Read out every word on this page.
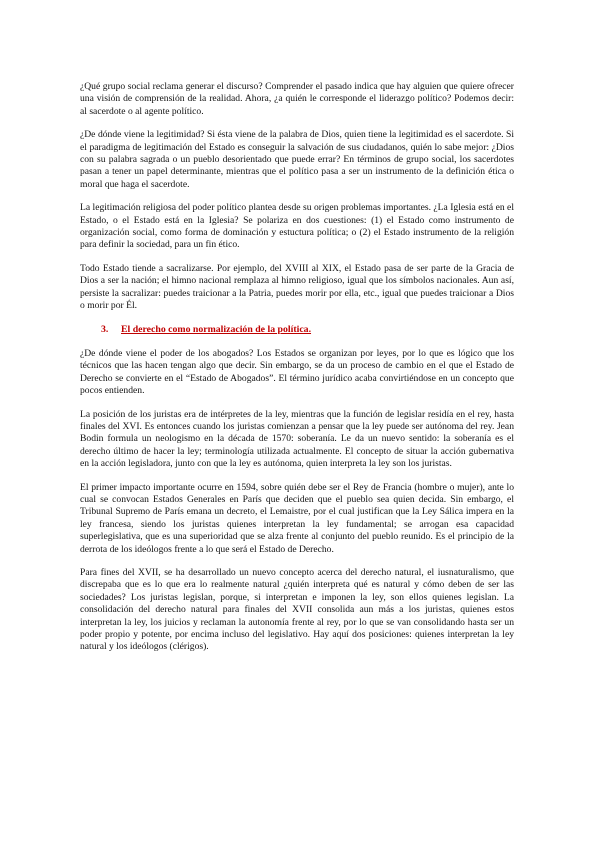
¿Qué grupo social reclama generar el discurso? Comprender el pasado indica que hay alguien que quiere ofrecer una visión de comprensión de la realidad. Ahora, ¿a quién le corresponde el liderazgo político? Podemos decir: al sacerdote o al agente político.

¿De dónde viene la legitimidad? Si ésta viene de la palabra de Dios, quien tiene la legitimidad es el sacerdote. Si el paradigma de legitimación del Estado es conseguir la salvación de sus ciudadanos, quién lo sabe mejor: ¿Dios con su palabra sagrada o un pueblo desorientado que puede errar? En términos de grupo social, los sacerdotes pasan a tener un papel determinante, mientras que el político pasa a ser un instrumento de la definición ética o moral que haga el sacerdote.

La legitimación religiosa del poder político plantea desde su origen problemas importantes. ¿La Iglesia está en el Estado, o el Estado está en la Iglesia? Se polariza en dos cuestiones: (1) el Estado como instrumento de organización social, como forma de dominación y estuctura política; o (2) el Estado instrumento de la religión para definir la sociedad, para un fin ético.

Todo Estado tiende a sacralizarse. Por ejemplo, del XVIII al XIX, el Estado pasa de ser parte de la Gracia de Dios a ser la nación; el himno nacional remplaza al himno religioso, igual que los símbolos nacionales. Aun así, persiste la sacralizar: puedes traicionar a la Patria, puedes morir por ella, etc., igual que puedes traicionar a Dios o morir por Él.

3. El derecho como normalización de la política.

¿De dónde viene el poder de los abogados? Los Estados se organizan por leyes, por lo que es lógico que los técnicos que las hacen tengan algo que decir. Sin embargo, se da un proceso de cambio en el que el Estado de Derecho se convierte en el “Estado de Abogados”. El término jurídico acaba convirtiéndose en un concepto que pocos entienden.

La posición de los juristas era de intérpretes de la ley, mientras que la función de legislar residía en el rey, hasta finales del XVI. Es entonces cuando los juristas comienzan a pensar que la ley puede ser autónoma del rey. Jean Bodin formula un neologismo en la década de 1570: soberanía. Le da un nuevo sentido: la soberanía es el derecho último de hacer la ley; terminología utilizada actualmente. El concepto de situar la acción gubernativa en la acción legisladora, junto con que la ley es autónoma, quien interpreta la ley son los juristas.

El primer impacto importante ocurre en 1594, sobre quién debe ser el Rey de Francia (hombre o mujer), ante lo cual se convocan Estados Generales en París que deciden que el pueblo sea quien decida. Sin embargo, el Tribunal Supremo de París emana un decreto, el Lemaistre, por el cual justifican que la Ley Sálica impera en la ley francesa, siendo los juristas quienes interpretan la ley fundamental; se arrogan esa capacidad superlegislativa, que es una superioridad que se alza frente al conjunto del pueblo reunido. Es el principio de la derrota de los ideólogos frente a lo que será el Estado de Derecho.

Para fines del XVII, se ha desarrollado un nuevo concepto acerca del derecho natural, el iusnaturalismo, que discrepaba que es lo que era lo realmente natural ¿quién interpreta qué es natural y cómo deben de ser las sociedades? Los juristas legislan, porque, si interpretan e imponen la ley, son ellos quienes legislan. La consolidación del derecho natural para finales del XVII consolida aun más a los juristas, quienes estos interpretan la ley, los juicios y reclaman la autonomía frente al rey, por lo que se van consolidando hasta ser un poder propio y potente, por encima incluso del legislativo. Hay aquí dos posiciones: quienes interpretan la ley natural y los ideólogos (clérigos).
